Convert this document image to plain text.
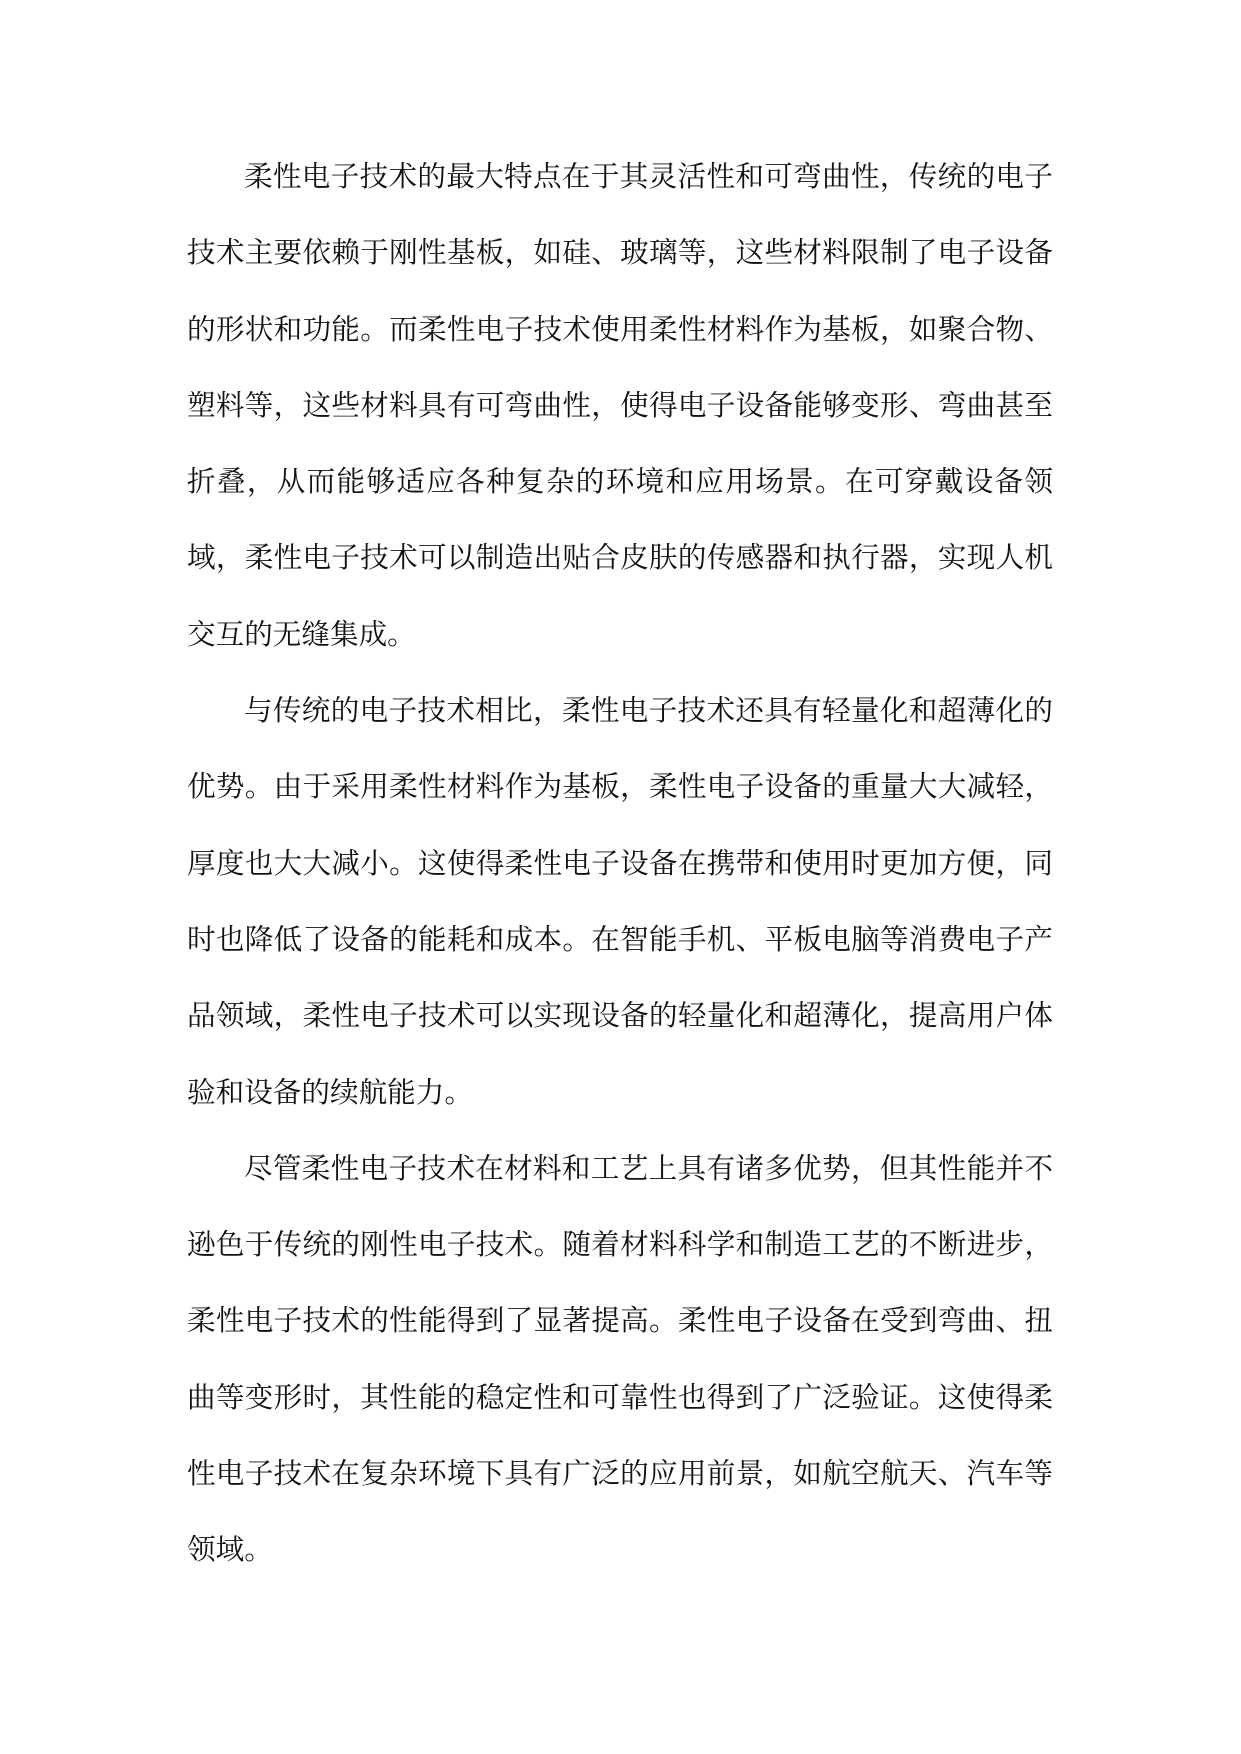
柔性电子技术的最大特点在于其灵活性和可弯曲性，传统的电子技术主要依赖于刚性基板，如硅、玻璃等，这些材料限制了电子设备的形状和功能。而柔性电子技术使用柔性材料作为基板，如聚合物、塑料等，这些材料具有可弯曲性，使得电子设备能够变形、弯曲甚至折叠，从而能够适应各种复杂的环境和应用场景。在可穿戴设备领域，柔性电子技术可以制造出贴合皮肤的传感器和执行器，实现人机交互的无缝集成。

与传统的电子技术相比，柔性电子技术还具有轻量化和超薄化的优势。由于采用柔性材料作为基板，柔性电子设备的重量大大减轻，厚度也大大减小。这使得柔性电子设备在携带和使用时更加方便，同时也降低了设备的能耗和成本。在智能手机、平板电脑等消费电子产品领域，柔性电子技术可以实现设备的轻量化和超薄化，提高用户体验和设备的续航能力。

尽管柔性电子技术在材料和工艺上具有诸多优势，但其性能并不逊色于传统的刚性电子技术。随着材料科学和制造工艺的不断进步，柔性电子技术的性能得到了显著提高。柔性电子设备在受到弯曲、扭曲等变形时，其性能的稳定性和可靠性也得到了广泛验证。这使得柔性电子技术在复杂环境下具有广泛的应用前景，如航空航天、汽车等领域。
